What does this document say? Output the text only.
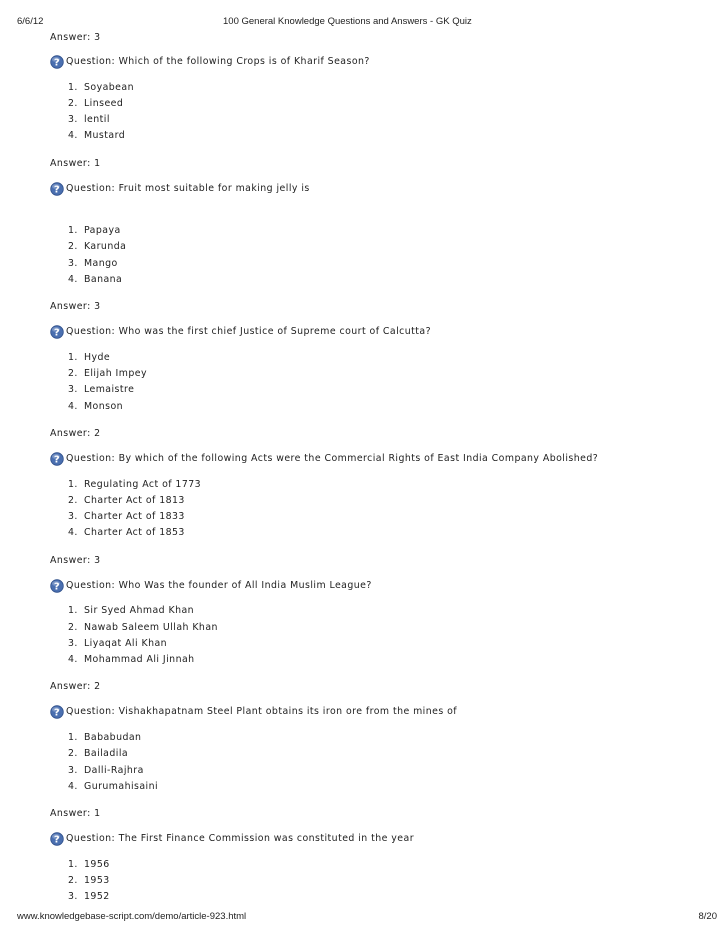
6/6/12	100 General Knowledge Questions and Answers - GK Quiz
Answer: 3
? Question: Which of the following Crops is of Kharif Season?
1. Soyabean
2. Linseed
3. lentil
4. Mustard
Answer: 1
? Question: Fruit most suitable for making jelly is
1. Papaya
2. Karunda
3. Mango
4. Banana
Answer: 3
? Question: Who was the first chief Justice of Supreme court of Calcutta?
1. Hyde
2. Elijah Impey
3. Lemaistre
4. Monson
Answer: 2
? Question: By which of the following Acts were the Commercial Rights of East India Company Abolished?
1. Regulating Act of 1773
2. Charter Act of 1813
3. Charter Act of 1833
4. Charter Act of 1853
Answer: 3
? Question: Who Was the founder of All India Muslim League?
1. Sir Syed Ahmad Khan
2. Nawab Saleem Ullah Khan
3. Liyaqat Ali Khan
4. Mohammad Ali Jinnah
Answer: 2
? Question: Vishakhapatnam Steel Plant obtains its iron ore from the mines of
1. Bababudan
2. Bailadila
3. Dalli-Rajhra
4. Gurumahisaini
Answer: 1
? Question: The First Finance Commission was constituted in the year
1. 1956
2. 1953
3. 1952
www.knowledgebase-script.com/demo/article-923.html	8/20
